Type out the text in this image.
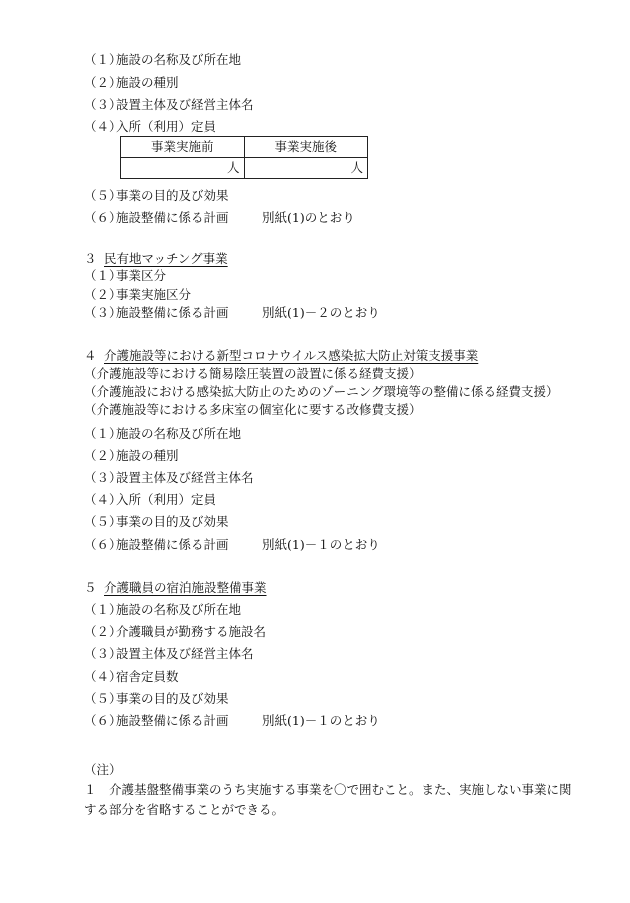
（１）施設の名称及び所在地
（２）施設の種別
（３）設置主体及び経営主体名
（４）入所（利用）定員
事業実施前	事業実施後
人	人
（５）事業の目的及び効果
（６）施設整備に係る計画	別紙(1)のとおり
３ 民有地マッチング事業
（１）事業区分
（２）事業実施区分
（３）施設整備に係る計画	別紙(1)－２のとおり
４ 介護施設等における新型コロナウイルス感染拡大防止対策支援事業
（介護施設等における簡易陰圧装置の設置に係る経費支援）
（介護施設における感染拡大防止のためのゾーニング環境等の整備に係る経費支援）
（介護施設等における多床室の個室化に要する改修費支援）
（１）施設の名称及び所在地
（２）施設の種別
（３）設置主体及び経営主体名
（４）入所（利用）定員
（５）事業の目的及び効果
（６）施設整備に係る計画	別紙(1)－１のとおり
５ 介護職員の宿泊施設整備事業
（１）施設の名称及び所在地
（２）介護職員が勤務する施設名
（３）設置主体及び経営主体名
（４）宿舎定員数
（５）事業の目的及び効果
（６）施設整備に係る計画	別紙(1)－１のとおり
（注）
１　介護基盤整備事業のうち実施する事業を〇で囲むこと。また、実施しない事業に関
する部分を省略することができる。
